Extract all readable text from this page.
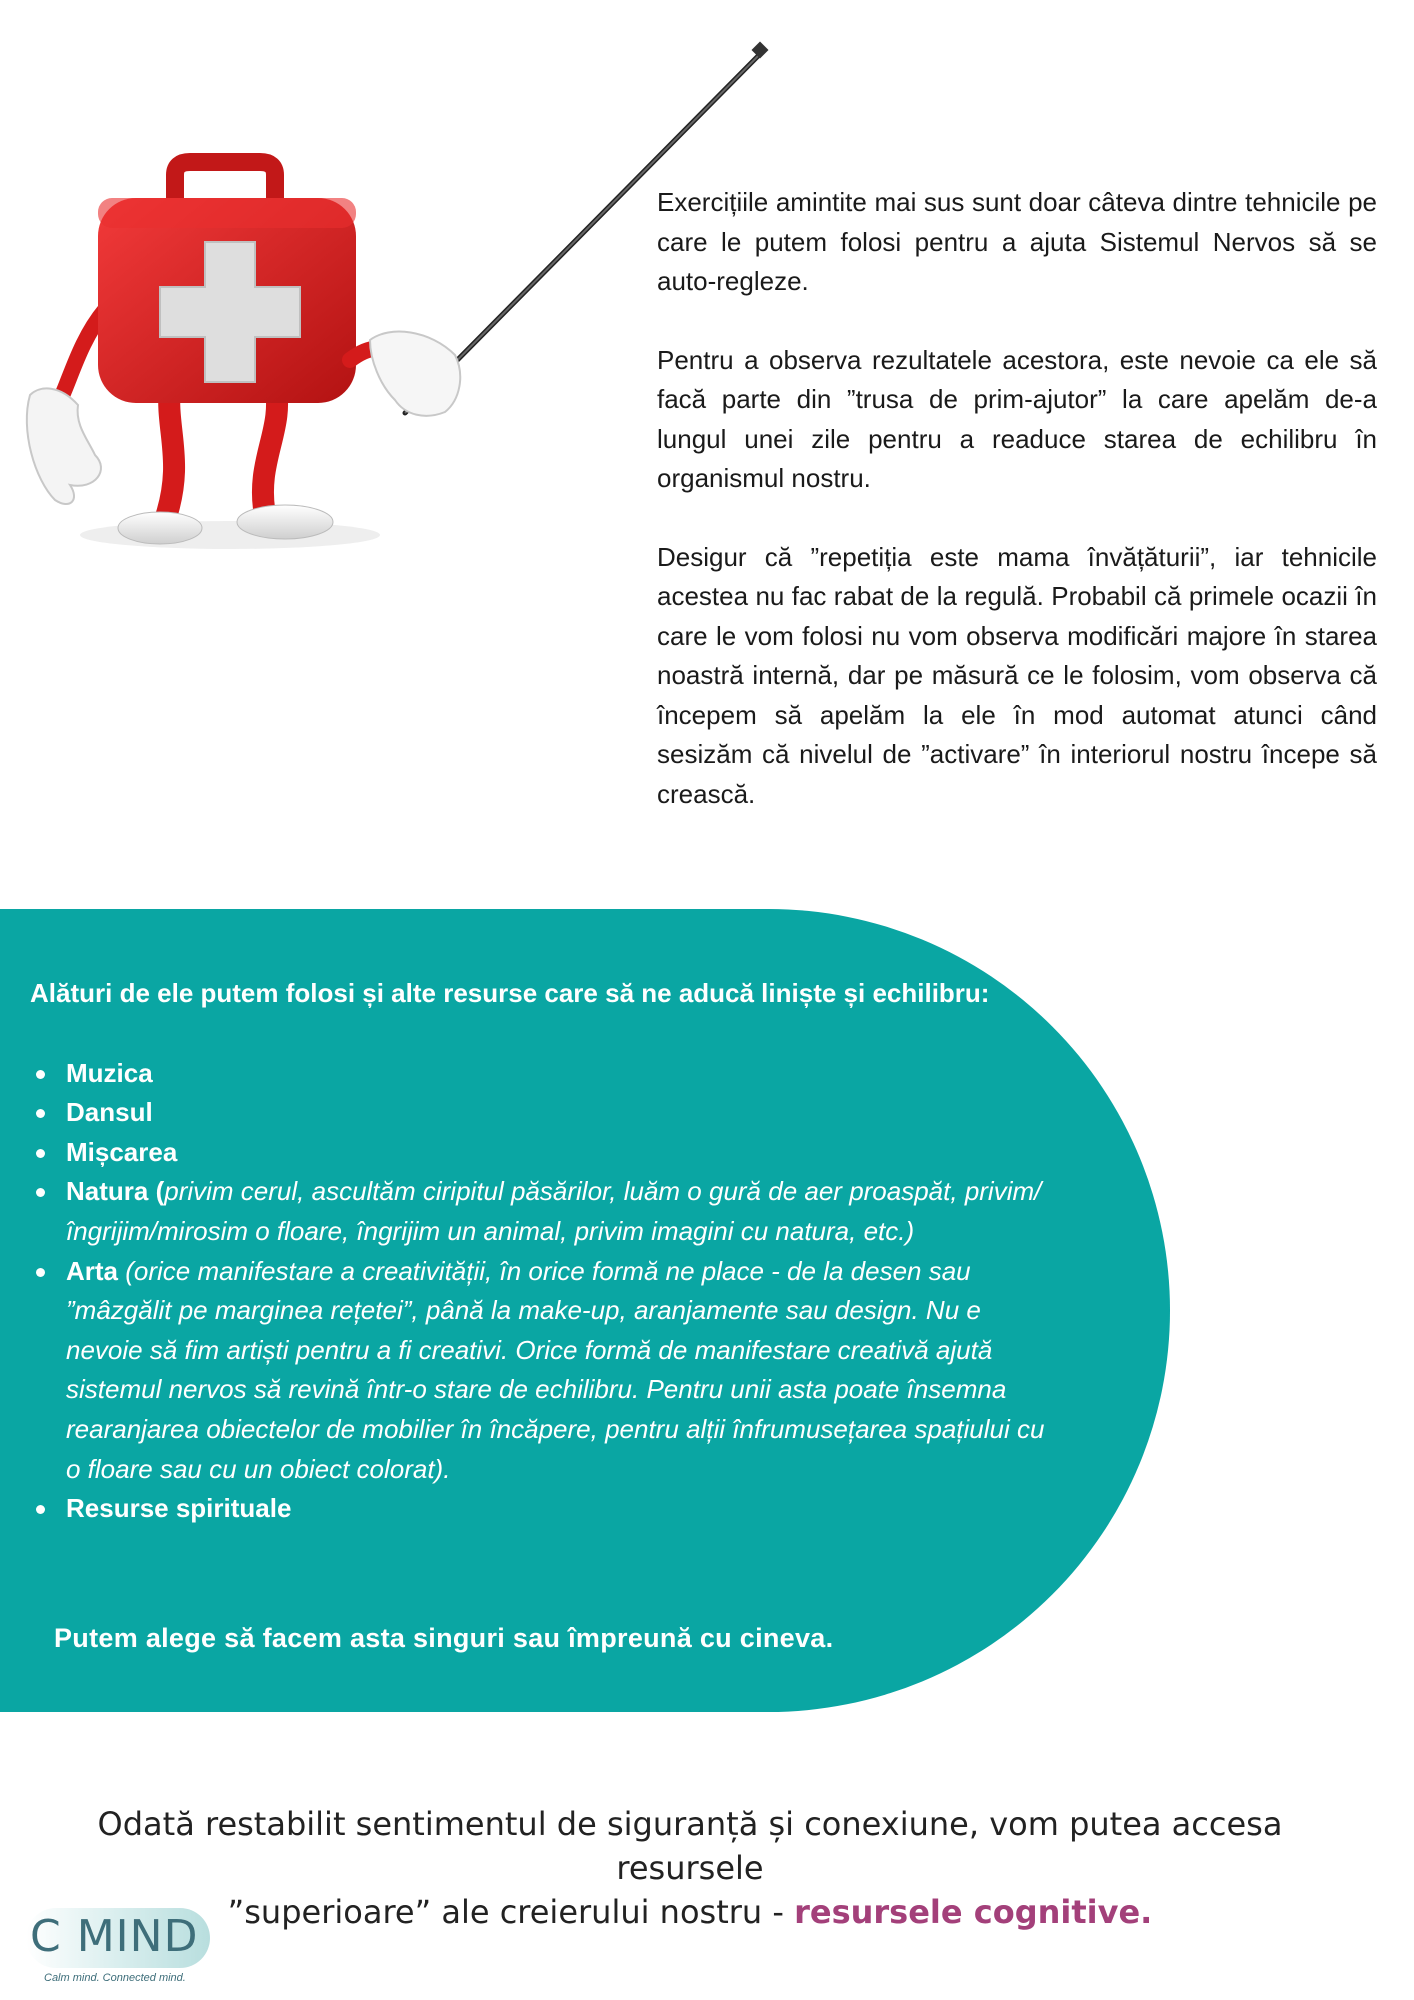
Exercițiile amintite mai sus sunt doar câteva dintre tehnicile pe care le putem folosi pentru a ajuta Sistemul Nervos să se auto-regleze.

Pentru a observa rezultatele acestora, este nevoie ca ele să facă parte din ”trusa de prim-ajutor” la care apelăm de-a lungul unei zile pentru a readuce starea de echilibru în organismul nostru.

Desigur că ”repetiția este mama învățăturii”, iar tehnicile acestea nu fac rabat de la regulă. Probabil că primele ocazii în care le vom folosi nu vom observa modificări majore în starea noastră internă, dar pe măsură ce le folosim, vom observa că începem să apelăm la ele în mod automat atunci când sesizăm că nivelul de ”activare” în interiorul nostru începe să crească.

Alături de ele putem folosi și alte resurse care să ne aducă liniște și echilibru:

Muzica
Dansul
Mișcarea
Natura (privim cerul, ascultăm ciripitul păsărilor, luăm o gură de aer proaspăt, privim/îngrijim/mirosim o floare, îngrijim un animal, privim imagini cu natura, etc.)
Arta (orice manifestare a creativității, în orice formă ne place - de la desen sau ”mâzgălit pe marginea rețetei”, până la make-up, aranjamente sau design. Nu e nevoie să fim artiști pentru a fi creativi. Orice formă de manifestare creativă ajută sistemul nervos să revină într-o stare de echilibru. Pentru unii asta poate însemna rearanjarea obiectelor de mobilier în încăpere, pentru alții înfrumusețarea spațiului cu o floare sau cu un obiect colorat).
Resurse spirituale
Putem alege să facem asta singuri sau împreună cu cineva.
Odată restabilit sentimentul de siguranță și conexiune, vom putea accesa resursele
”superioare” ale creierului nostru - resursele cognitive.
C MIND
Calm mind. Connected mind.
